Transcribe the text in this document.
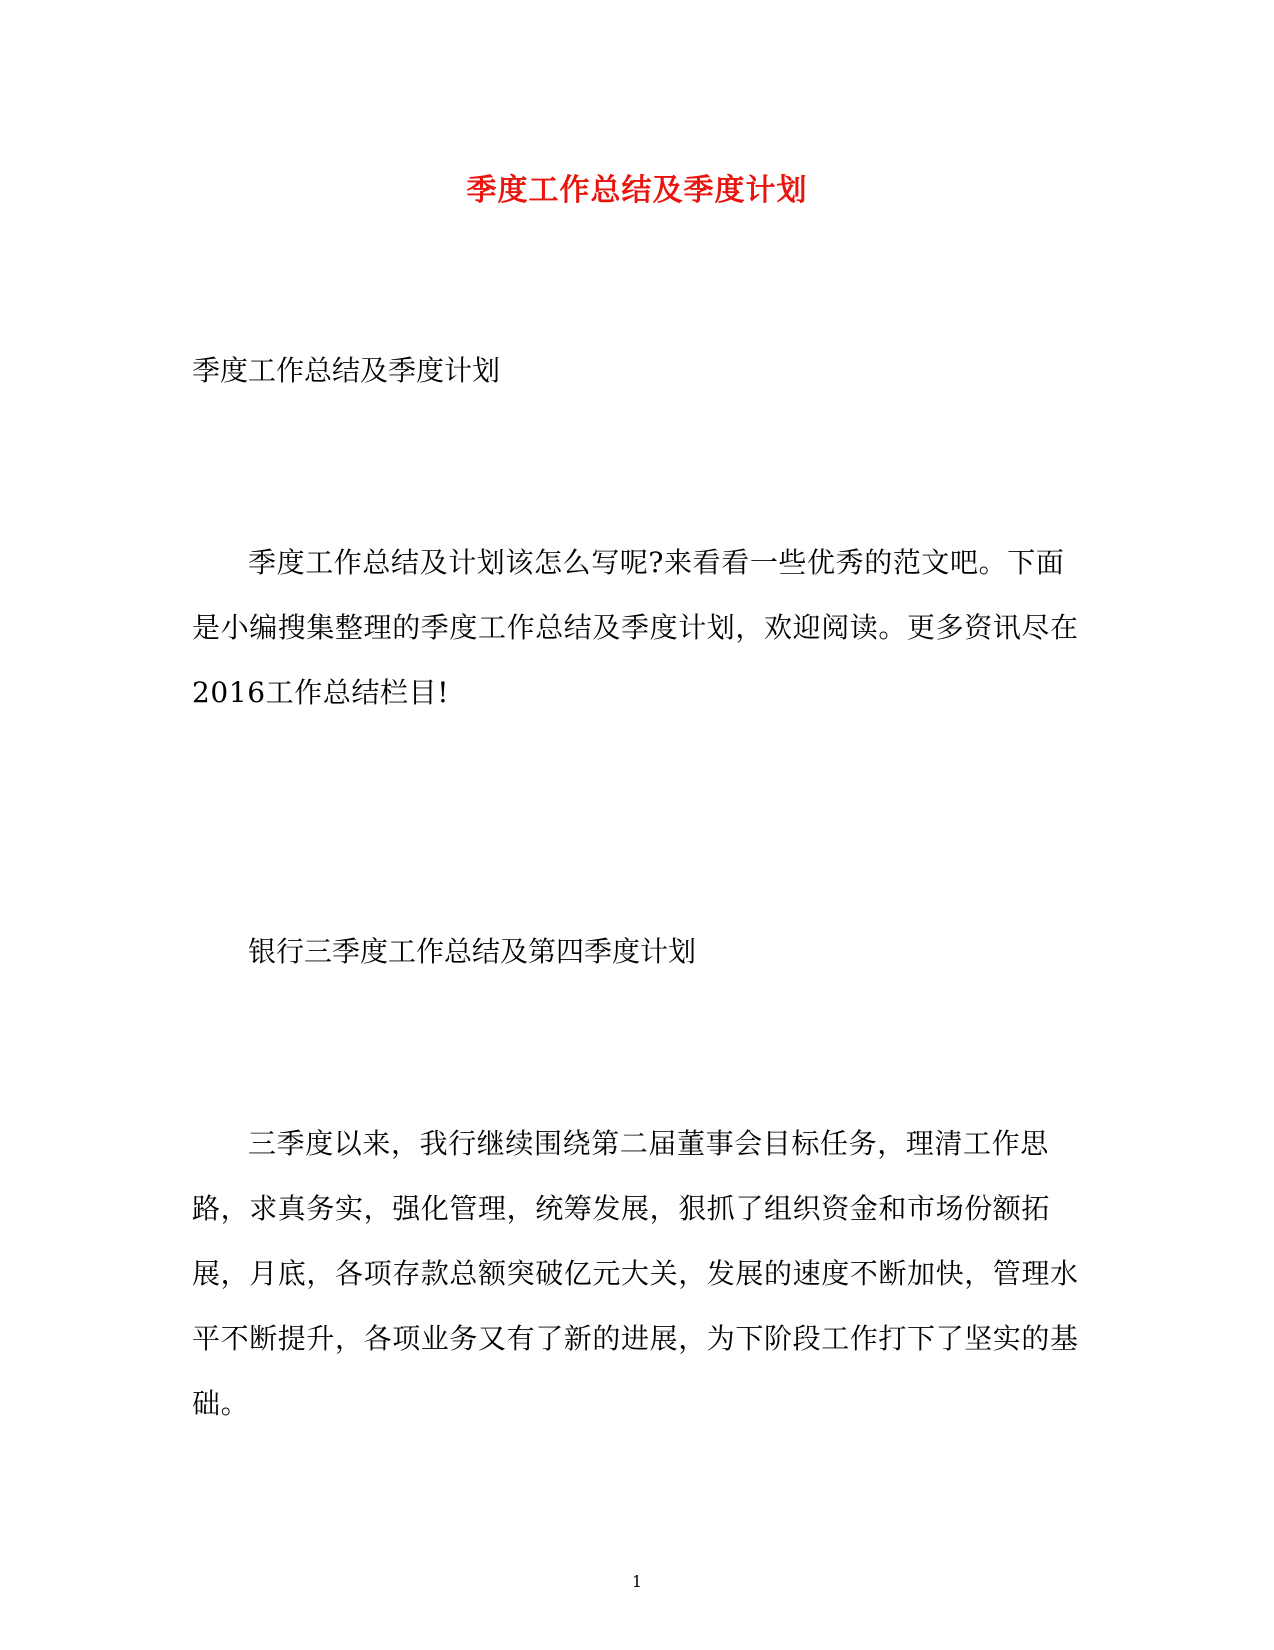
季度工作总结及季度计划
季度工作总结及季度计划

季度工作总结及计划该怎么写呢?来看看一些优秀的范文吧。下面是小编搜集整理的季度工作总结及季度计划，欢迎阅读。更多资讯尽在2016工作总结栏目!

银行三季度工作总结及第四季度计划

三季度以来，我行继续围绕第二届董事会目标任务，理清工作思路，求真务实，强化管理，统筹发展，狠抓了组织资金和市场份额拓展，月底，各项存款总额突破亿元大关，发展的速度不断加快，管理水平不断提升，各项业务又有了新的进展，为下阶段工作打下了坚实的基础。

1
